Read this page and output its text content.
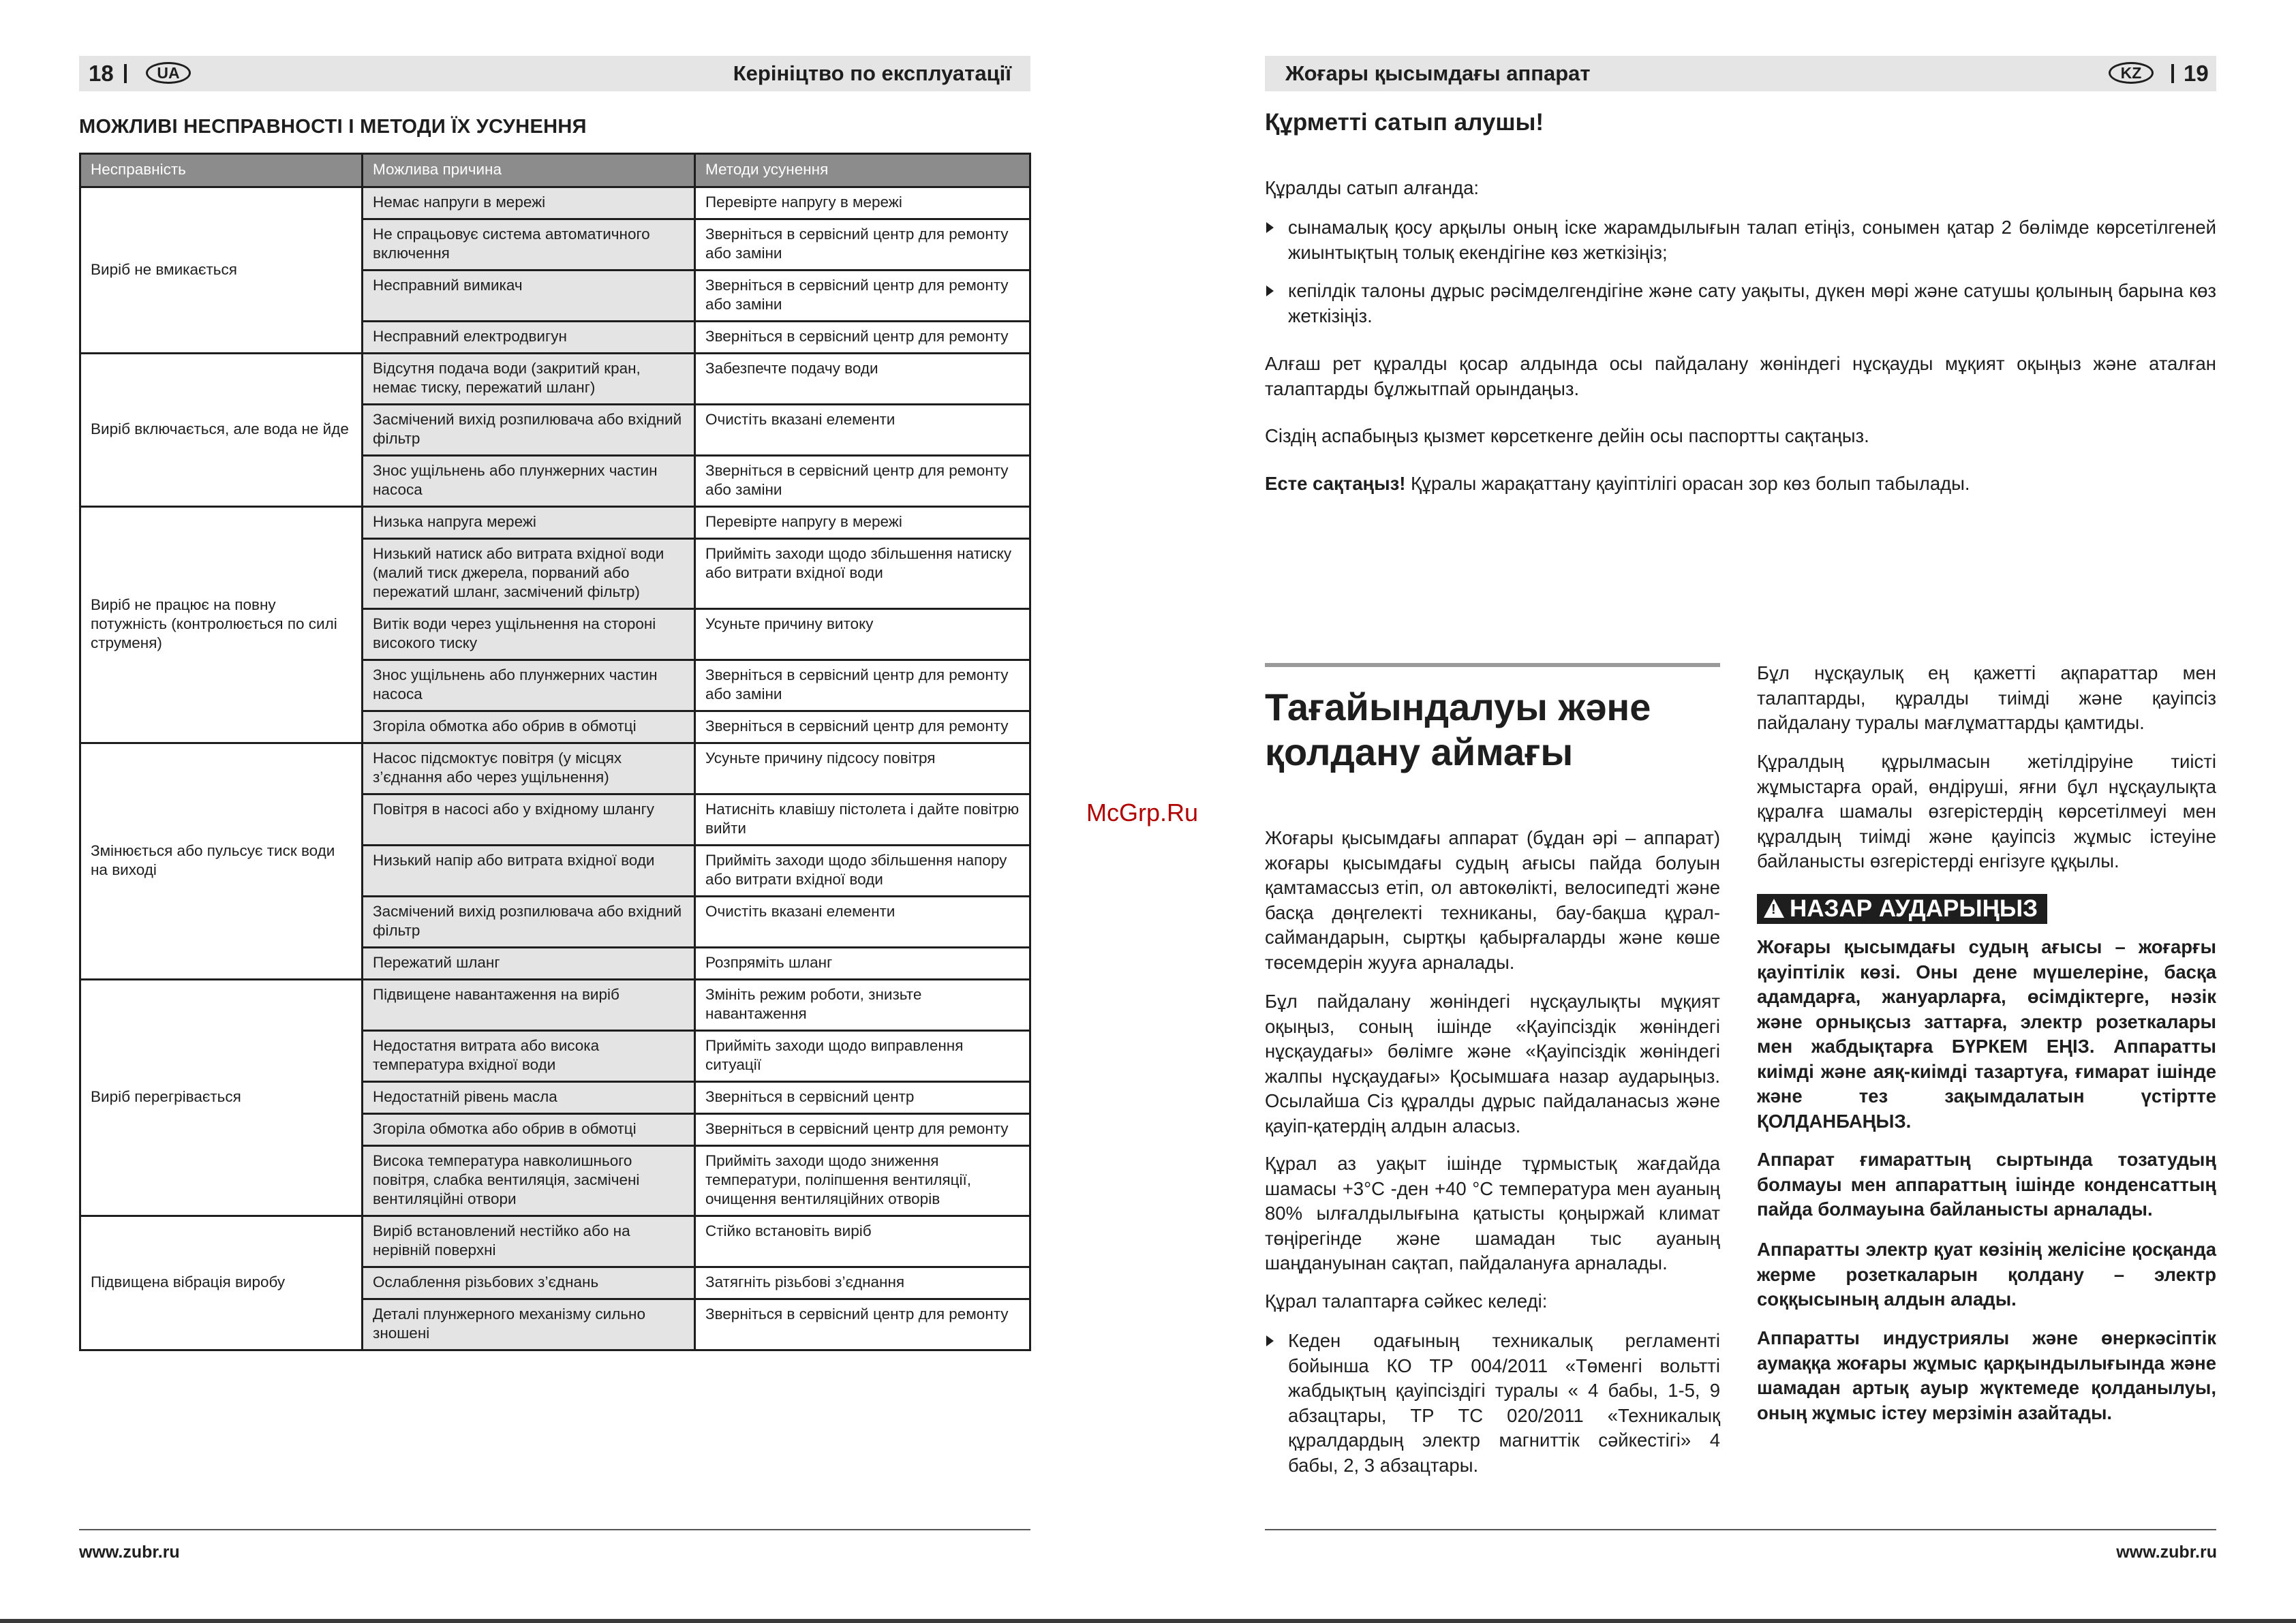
18	UA	Керініцтво по експлуатації
МОЖЛИВІ НЕСПРАВНОСТІ І МЕТОДИ ЇХ УСУНЕННЯ
Несправність	Можлива причина	Методи усунення
Виріб не вмикається	Немає напруги в мережі	Перевірте напругу в мережі
	Не спрацьовує система автоматичного включення	Зверніться в сервісний центр для ремонту або заміни
	Несправний вимикач	Зверніться в сервісний центр для ремонту або заміни
	Несправний електродвигун	Зверніться в сервісний центр для ремонту
Виріб включається, але вода не йде	Відсутня подача води (закритий кран, немає тиску, пережатий шланг)	Забезпечте подачу води
	Засмічений вихід розпилювача або вхідний фільтр	Очистіть вказані елементи
	Знос ущільнень або плунжерних частин насоса	Зверніться в сервісний центр для ремонту або заміни
Виріб не працює на повну потужність (контролюється по силі струменя)	Низька напруга мережі	Перевірте напругу в мережі
	Низький натиск або витрата вхідної води (малий тиск джерела, порваний або пережатий шланг, засмічений фільтр)	Прийміть заходи щодо збільшення натиску або витрати вхідної води
	Витік води через ущільнення на стороні високого тиску	Усуньте причину витоку
	Знос ущільнень або плунжерних частин насоса	Зверніться в сервісний центр для ремонту або заміни
	Згоріла обмотка або обрив в обмотці	Зверніться в сервісний центр для ремонту
Змінюється або пульсує тиск води на виході	Насос підсмоктує повітря (у місцях з’єднання або через ущільнення)	Усуньте причину підсосу повітря
	Повітря в насосі або у вхідному шлангу	Натисніть клавішу пістолета і дайте повітрю вийти
	Низький напір або витрата вхідної води	Прийміть заходи щодо збільшення напору або витрати вхідної води
	Засмічений вихід розпилювача або вхідний фільтр	Очистіть вказані елементи
	Пережатий шланг	Розпряміть шланг
Виріб перегрівається	Підвищене навантаження на виріб	Змініть режим роботи, знизьте навантаження
	Недостатня витрата або висока температура вхідної води	Прийміть заходи щодо виправлення ситуації
	Недостатній рівень масла	Зверніться в сервісний центр
	Згоріла обмотка або обрив в обмотці	Зверніться в сервісний центр для ремонту
	Висока температура навколишнього повітря, слабка вентиляція, засмічені вентиляційні отвори	Прийміть заходи щодо зниження температури, поліпшення вентиляції, очищення вентиляційних отворів
Підвищена вібрація виробу	Виріб встановлений нестійко або на нерівній поверхні	Стійко встановіть виріб
	Ослаблення різьбових з’єднань	Затягніть різьбові з’єднання
	Деталі плунжерного механізму сильно зношені	Зверніться в сервісний центр для ремонту
www.zubr.ru
McGrp.Ru
Жоғары қысымдағы аппарат	KZ	19
Құрметті сатып алушы!
Құралды сатып алғанда:
сынамалық қосу арқылы оның іске жарамдылығын талап етіңіз, сонымен қатар 2 бөлімде көрсетілгеней жиынтықтың толық екендігіне көз жеткізіңіз;
кепілдік талоны дұрыс рәсімделгендігіне және сату уақыты, дүкен мөрі және сатушы қолының барына көз жеткізіңіз.
Алғаш рет құралды қосар алдында осы пайдалану жөніндегі нұсқауды мұқият оқыңыз және аталған талаптарды бұлжытпай орындаңыз.
Сіздің аспабыңыз қызмет көрсеткенге дейін осы паспортты сақтаңыз.
Есте сақтаңыз! Құралы жарақаттану қауіптілігі орасан зор көз болып табылады.
Тағайындалуы және қолдану аймағы
Жоғары қысымдағы аппарат (бұдан әрі – аппарат) жоғары қысымдағы судың ағысы пайда болуын қамтамассыз етіп, ол автокөлікті, велосипедті және басқа дөңгелекті техниканы, бау-бақша құрал-саймандарын, сыртқы қабырғаларды және көше төсемдерін жууға арналады.
Бұл пайдалану жөніндегі нұсқаулықты мұқият оқыңыз, соның ішінде «Қауіпсіздік жөніндегі нұсқаудағы» бөлімге және «Қауіпсіздік жөніндегі жалпы нұсқаудағы» Қосымшаға назар аударыңыз. Осылайша Сіз құралды дұрыс пайдаланасыз және қауіп-қатердің алдын алаcыз.
Құрал аз уақыт ішінде тұрмыстық жағдайда шамасы +3°С -ден +40 °С температура мен ауаның 80% ылғалдылығына қатысты қоңыржай климат төңірегінде және шамадан тыс ауаның шаңдануынан сақтап, пайдалануға арналады.
Құрал талаптарға сәйкес келеді:
Кеден одағының техникалық регламенті бойынша КО ТР 004/2011 «Төменгі вольтті жабдықтың қауіпсіздігі туралы « 4 бабы, 1-5, 9 абзацтары, ТР ТС 020/2011 «Техникалық құралдардың электр магниттік сәйкестігі» 4 бабы, 2, 3 абзацтары.
Бұл нұсқаулық ең қажетті ақпараттар мен талаптарды, құралды тиімді және қауіпсіз пайдалану туралы мағлұматтарды қамтиды.
Құралдың құрылмасын жетілдіруіне тиісті жұмыстарға орай, өндіруші, яғни бұл нұсқаулықта құралға шамалы өзгерістердің көрсетілмеуі мен құралдың тиімді және қауіпсіз жұмыс істеуіне байланысты өзгерістерді енгізуге құқылы.
! НАЗАР АУДАРЫҢЫЗ
Жоғары қысымдағы судың ағысы – жоғарғы қауіптілік көзі. Оны дене мүшелеріне, басқа адамдарға, жануарларға, өсімдіктерге, нәзік және орнықсыз заттарға, электр розеткалары мен жабдықтарға БҮРКЕМ ЕҢІЗ. Аппаратты киімді және аяқ-киімді тазартуға, ғимарат ішінде және тез зақымдалатын үстіртте ҚОЛДАНБАҢЫЗ.
Аппарат ғимараттың сыртында тозатудың болмауы мен аппараттың ішінде конденсаттың пайда болмауына байланысты арналады.
Аппаратты электр қуат көзінің желісіне қосқанда жерме розеткаларын қолдану – электр соққысының алдын алады.
Аппаратты индустриялы және өнеркәсіптік аумаққа жоғары жұмыс қарқындылығында және шамадан артық ауыр жүктемеде қолданылуы, оның жұмыс істеу мерзімін азайтады.
www.zubr.ru
